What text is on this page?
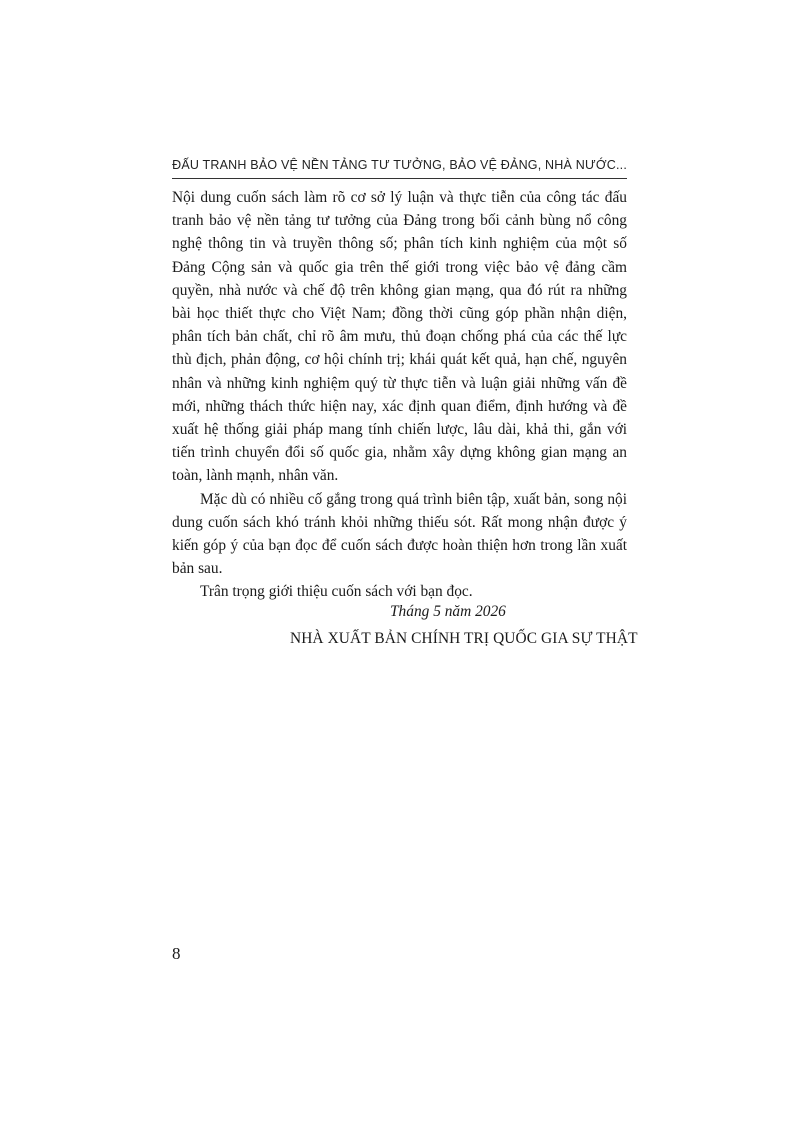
ĐẤU TRANH BẢO VỆ NỀN TẢNG TƯ TƯỞNG, BẢO VỆ ĐẢNG, NHÀ NƯỚC...

Nội dung cuốn sách làm rõ cơ sở lý luận và thực tiễn của công tác đấu tranh bảo vệ nền tảng tư tưởng của Đảng trong bối cảnh bùng nổ công nghệ thông tin và truyền thông số; phân tích kinh nghiệm của một số Đảng Cộng sản và quốc gia trên thế giới trong việc bảo vệ đảng cầm quyền, nhà nước và chế độ trên không gian mạng, qua đó rút ra những bài học thiết thực cho Việt Nam; đồng thời cũng góp phần nhận diện, phân tích bản chất, chỉ rõ âm mưu, thủ đoạn chống phá của các thế lực thù địch, phản động, cơ hội chính trị; khái quát kết quả, hạn chế, nguyên nhân và những kinh nghiệm quý từ thực tiễn và luận giải những vấn đề mới, những thách thức hiện nay, xác định quan điểm, định hướng và đề xuất hệ thống giải pháp mang tính chiến lược, lâu dài, khả thi, gắn với tiến trình chuyển đổi số quốc gia, nhằm xây dựng không gian mạng an toàn, lành mạnh, nhân văn.

Mặc dù có nhiều cố gắng trong quá trình biên tập, xuất bản, song nội dung cuốn sách khó tránh khỏi những thiếu sót. Rất mong nhận được ý kiến góp ý của bạn đọc để cuốn sách được hoàn thiện hơn trong lần xuất bản sau.

Trân trọng giới thiệu cuốn sách với bạn đọc.

Tháng 5 năm 2026
NHÀ XUẤT BẢN CHÍNH TRỊ QUỐC GIA SỰ THẬT
8
